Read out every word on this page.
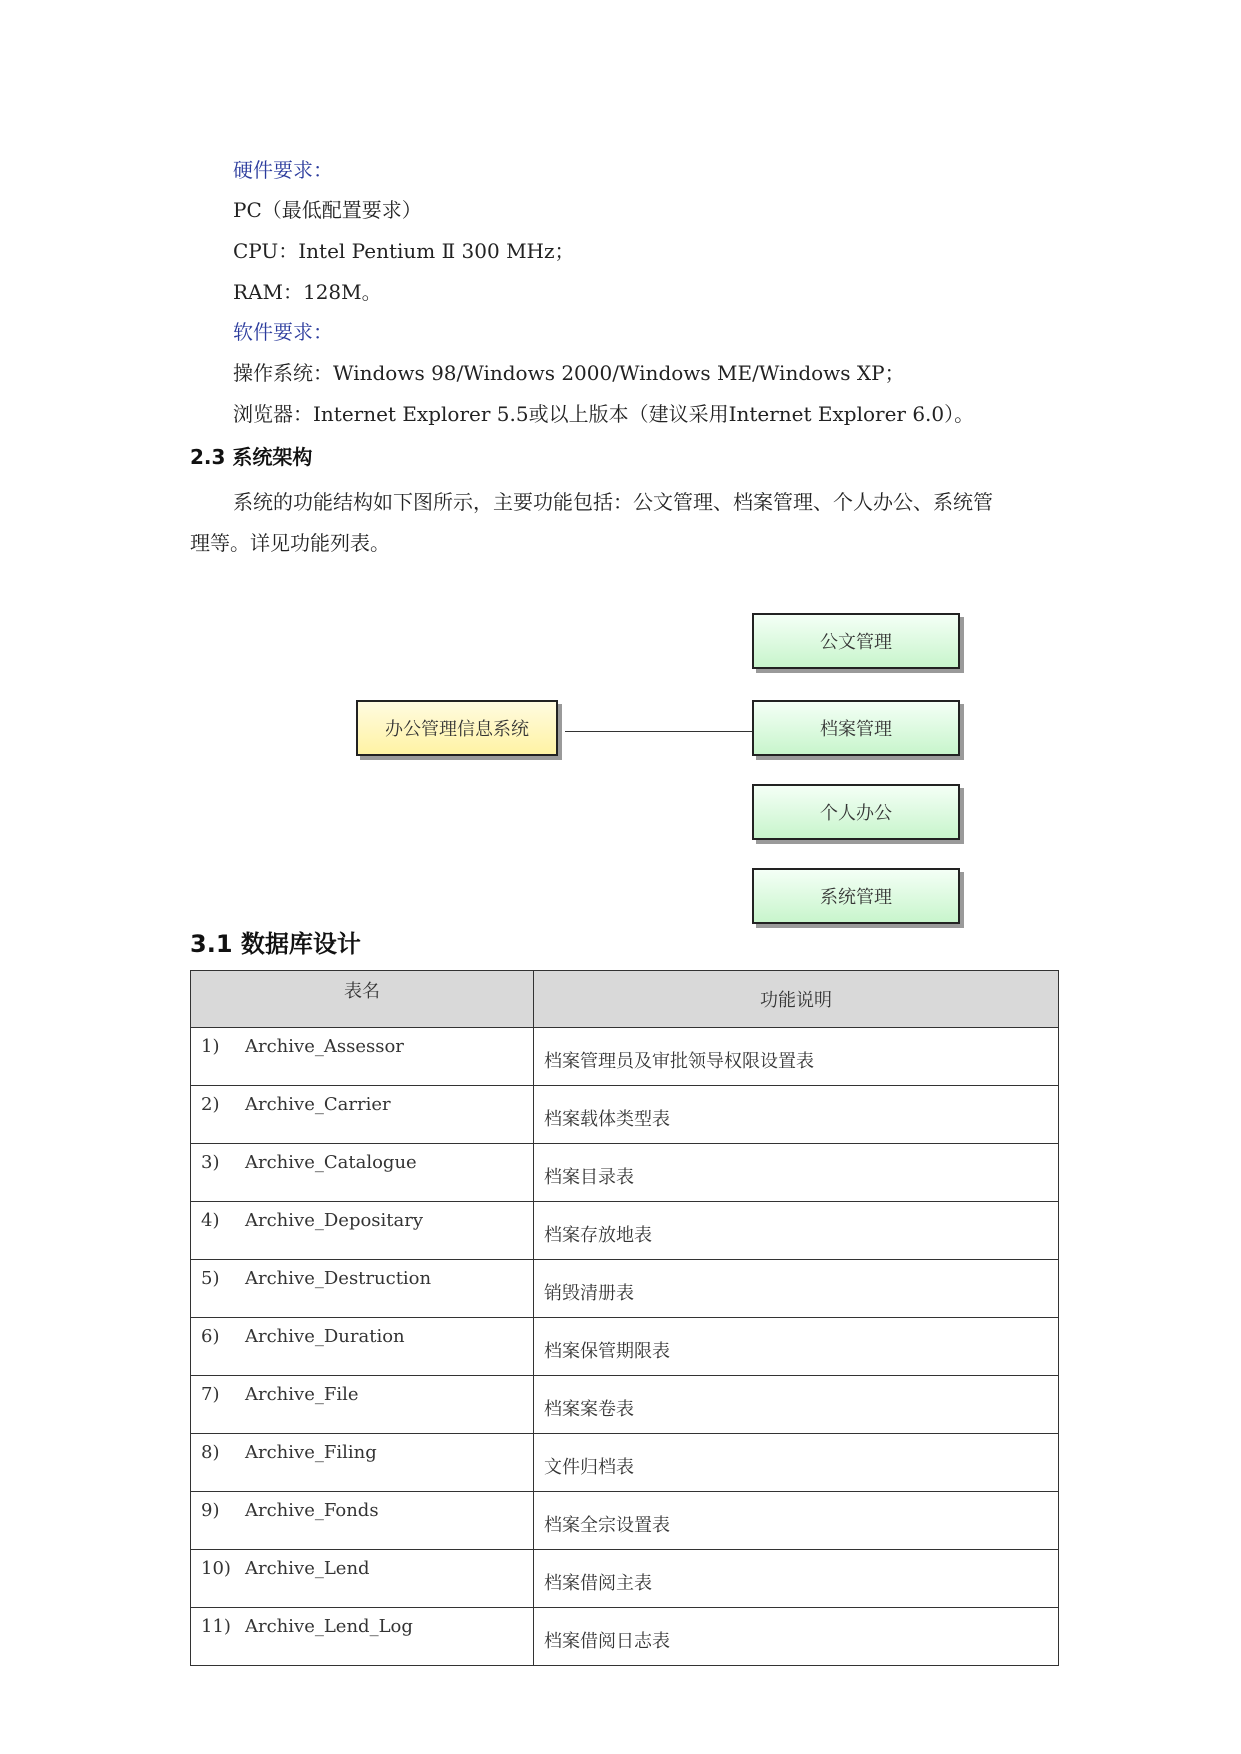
硬件要求：
PC（最低配置要求）
CPU：Intel Pentium Ⅱ 300 MHz；
RAM：128M。
软件要求：
操作系统：Windows 98/Windows 2000/Windows ME/Windows XP；
浏览器：Internet Explorer 5.5或以上版本（建议采用Internet Explorer 6.0）。
2.3 系统架构
系统的功能结构如下图所示，主要功能包括：公文管理、档案管理、个人办公、系统管
理等。详见功能列表。
办公管理信息系统
公文管理
档案管理
个人办公
系统管理
3.1 数据库设计
表名	功能说明
1) Archive_Assessor	档案管理员及审批领导权限设置表
2) Archive_Carrier	档案载体类型表
3) Archive_Catalogue	档案目录表
4) Archive_Depositary	档案存放地表
5) Archive_Destruction	销毁清册表
6) Archive_Duration	档案保管期限表
7) Archive_File	档案案卷表
8) Archive_Filing	文件归档表
9) Archive_Fonds	档案全宗设置表
10) Archive_Lend	档案借阅主表
11) Archive_Lend_Log	档案借阅日志表
